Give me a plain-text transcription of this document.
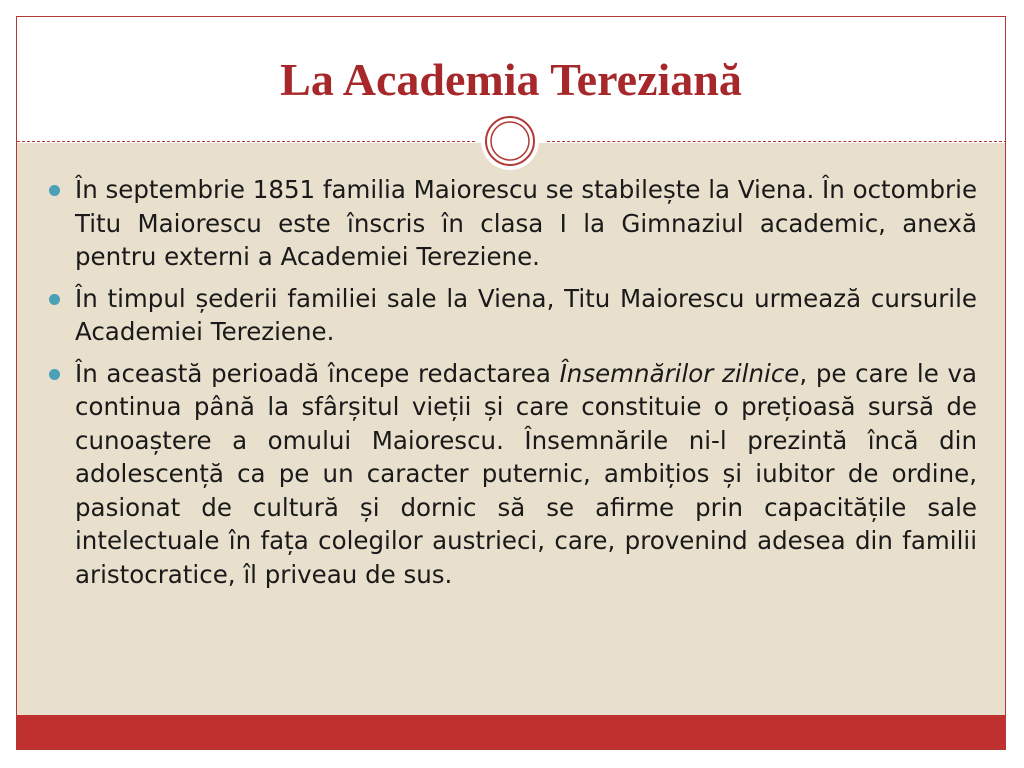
La Academia Tereziană
În septembrie 1851 familia Maiorescu se stabilește la Viena. În octombrie Titu Maiorescu este înscris în clasa I la Gimnaziul academic, anexă pentru externi a Academiei Tereziene.
În timpul șederii familiei sale la Viena, Titu Maiorescu urmează cursurile Academiei Tereziene.
În această perioadă începe redactarea Însemnărilor zilnice, pe care le va continua până la sfârșitul vieții și care constituie o prețioasă sursă de cunoaștere a omului Maiorescu. Însemnările ni-l prezintă încă din adolescență ca pe un caracter puternic, ambițios și iubitor de ordine, pasionat de cultură și dornic să se afirme prin capacitățile sale intelectuale în fața colegilor austrieci, care, provenind adesea din familii aristocratice, îl priveau de sus.
